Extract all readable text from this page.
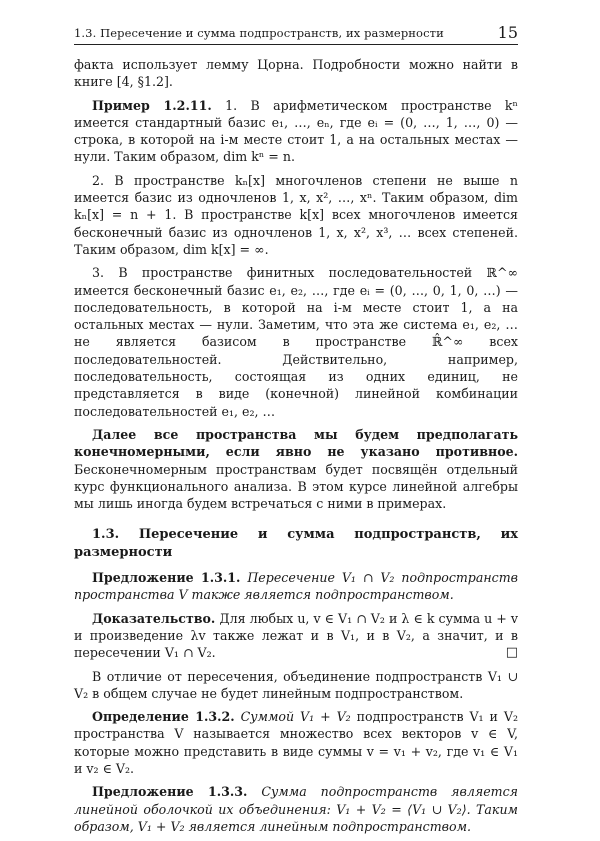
1.3. Пересечение и сумма подпространств, их размерности	15

фактa использует лемму Цорна. Подробности можно найти в книге [4, §1.2].

Пример 1.2.11. 1. В арифметическом пространстве kⁿ имеется стандартный базис e₁, …, eₙ, где eᵢ = (0, …, 1, …, 0) — строка, в которой на i-м месте стоит 1, а на остальных местах — нули. Таким образом, dim kⁿ = n.

2. В пространстве kₙ[x] многочленов степени не выше n имеется базис из одночленов 1, x, x², …, xⁿ. Таким образом, dim kₙ[x] = n + 1. В пространстве k[x] всех многочленов имеется бесконечный базис из одночленов 1, x, x², x³, … всех степеней. Таким образом, dim k[x] = ∞.

3. В пространстве финитных последовательностей ℝ^∞ имеется бесконечный базис e₁, e₂, …, где eᵢ = (0, …, 0, 1, 0, …) — последовательность, в которой на i-м месте стоит 1, а на остальных местах — нули. Заметим, что эта же система e₁, e₂, … не является базисом в пространстве ℝ̂^∞ всех последовательностей. Действительно, например, последовательность, состоящая из одних единиц, не представляется в виде (конечной) линейной комбинации последовательностей e₁, e₂, …

Далее все пространства мы будем предполагать конечномерными, если явно не указано противное. Бесконечномерным пространствам будет посвящён отдельный курс функционального анализа. В этом курсе линейной алгебры мы лишь иногда будем встречаться с ними в примерах.

1.3. Пересечение и сумма подпространств, их размерности

Предложение 1.3.1. Пересечение V₁ ∩ V₂ подпространств пространства V также является подпространством.

Доказательство. Для любых u, v ∈ V₁ ∩ V₂ и λ ∈ k сумма u + v и произведение λv также лежат и в V₁, и в V₂, а значит, и в пересечении V₁ ∩ V₂.	□

В отличие от пересечения, объединение подпространств V₁ ∪ V₂ в общем случае не будет линейным подпространством.

Определение 1.3.2. Суммой V₁ + V₂ подпространств V₁ и V₂ пространства V называется множество всех векторов v ∈ V, которые можно представить в виде суммы v = v₁ + v₂, где v₁ ∈ V₁ и v₂ ∈ V₂.

Предложение 1.3.3. Сумма подпространств является линейной оболочкой их объединения: V₁ + V₂ = ⟨V₁ ∪ V₂⟩. Таким образом, V₁ + V₂ является линейным подпространством.
